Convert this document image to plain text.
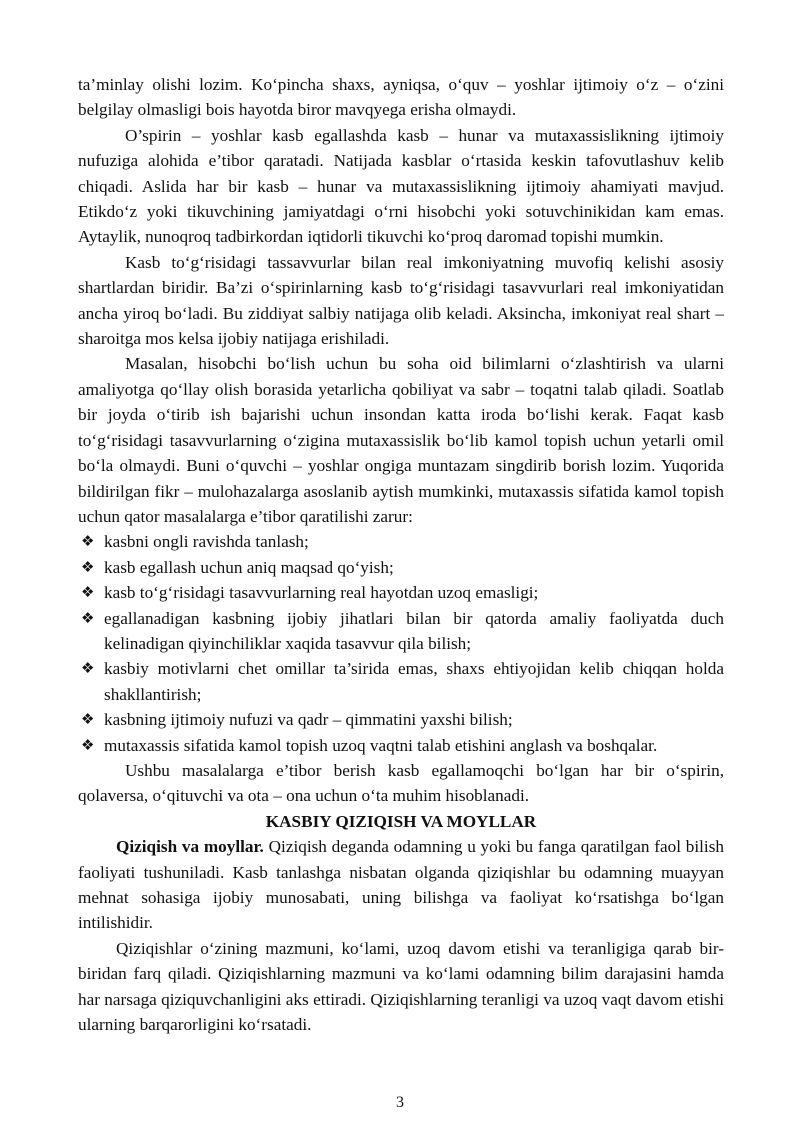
ta’minlay olishi lozim. Ko‘pincha shaxs, ayniqsa, o‘quv – yoshlar ijtimoiy o‘z – o‘zini belgilay olmasligi bois hayotda biror mavqyega erisha olmaydi.

O’spirin – yoshlar kasb egallashda kasb – hunar va mutaxassislikning ijtimoiy nufuziga alohida e’tibor qaratadi. Natijada kasblar o‘rtasida keskin tafovutlashuv kelib chiqadi. Aslida har bir kasb – hunar va mutaxassislikning ijtimoiy ahamiyati mavjud. Etikdo‘z yoki tikuvchining jamiyatdagi o‘rni hisobchi yoki sotuvchinikidan kam emas. Aytaylik, nunoqroq tadbirkordan iqtidorli tikuvchi ko‘proq daromad topishi mumkin.

Kasb to‘g‘risidagi tassavvurlar bilan real imkoniyatning muvofiq kelishi asosiy shartlardan biridir. Ba’zi o‘spirinlarning kasb to‘g‘risidagi tasavvurlari real imkoniyatidan ancha yiroq bo‘ladi. Bu ziddiyat salbiy natijaga olib keladi. Aksincha, imkoniyat real shart – sharoitga mos kelsa ijobiy natijaga erishiladi.

Masalan, hisobchi bo‘lish uchun bu soha oid bilimlarni o‘zlashtirish va ularni amaliyotga qo‘llay olish borasida yetarlicha qobiliyat va sabr – toqatni talab qiladi. Soatlab bir joyda o‘tirib ish bajarishi uchun insondan katta iroda bo‘lishi kerak. Faqat kasb to‘g‘risidagi tasavvurlarning o‘zigina mutaxassislik bo‘lib kamol topish uchun yetarli omil bo‘la olmaydi. Buni o‘quvchi – yoshlar ongiga muntazam singdirib borish lozim. Yuqorida bildirilgan fikr – mulohazalarga asoslanib aytish mumkinki, mutaxassis sifatida kamol topish uchun qator masalalarga e’tibor qaratilishi zarur:

❖ kasbni ongli ravishda tanlash;
❖ kasb egallash uchun aniq maqsad qo‘yish;
❖ kasb to‘g‘risidagi tasavvurlarning real hayotdan uzoq emasligi;
❖ egallanadigan kasbning ijobiy jihatlari bilan bir qatorda amaliy faoliyatda duch kelinadigan qiyinchiliklar xaqida tasavvur qila bilish;
❖ kasbiy motivlarni chet omillar ta’sirida emas, shaxs ehtiyojidan kelib chiqqan holda shakllantirish;
❖ kasbning ijtimoiy nufuzi va qadr – qimmatini yaxshi bilish;
❖ mutaxassis sifatida kamol topish uzoq vaqtni talab etishini anglash va boshqalar.

Ushbu masalalarga e’tibor berish kasb egallamoqchi bo‘lgan har bir o‘spirin, qolaversa, o‘qituvchi va ota – ona uchun o‘ta muhim hisoblanadi.

KASBIY QIZIQISH VA MOYLLAR

Qiziqish va moyllar. Qiziqish deganda odamning u yoki bu fanga qaratilgan faol bilish faoliyati tushuniladi. Kasb tanlashga nisbatan olganda qiziqishlar bu odamning muayyan mehnat sohasiga ijobiy munosabati, uning bilishga va faoliyat ko‘rsatishga bo‘lgan intilishidir.

Qiziqishlar o‘zining mazmuni, ko‘lami, uzoq davom etishi va teranligiga qarab bir-biridan farq qiladi. Qiziqishlarning mazmuni va ko‘lami odamning bilim darajasini hamda har narsaga qiziquvchanligini aks ettiradi. Qiziqishlarning teranligi va uzoq vaqt davom etishi ularning barqarorligini ko‘rsatadi.

3
